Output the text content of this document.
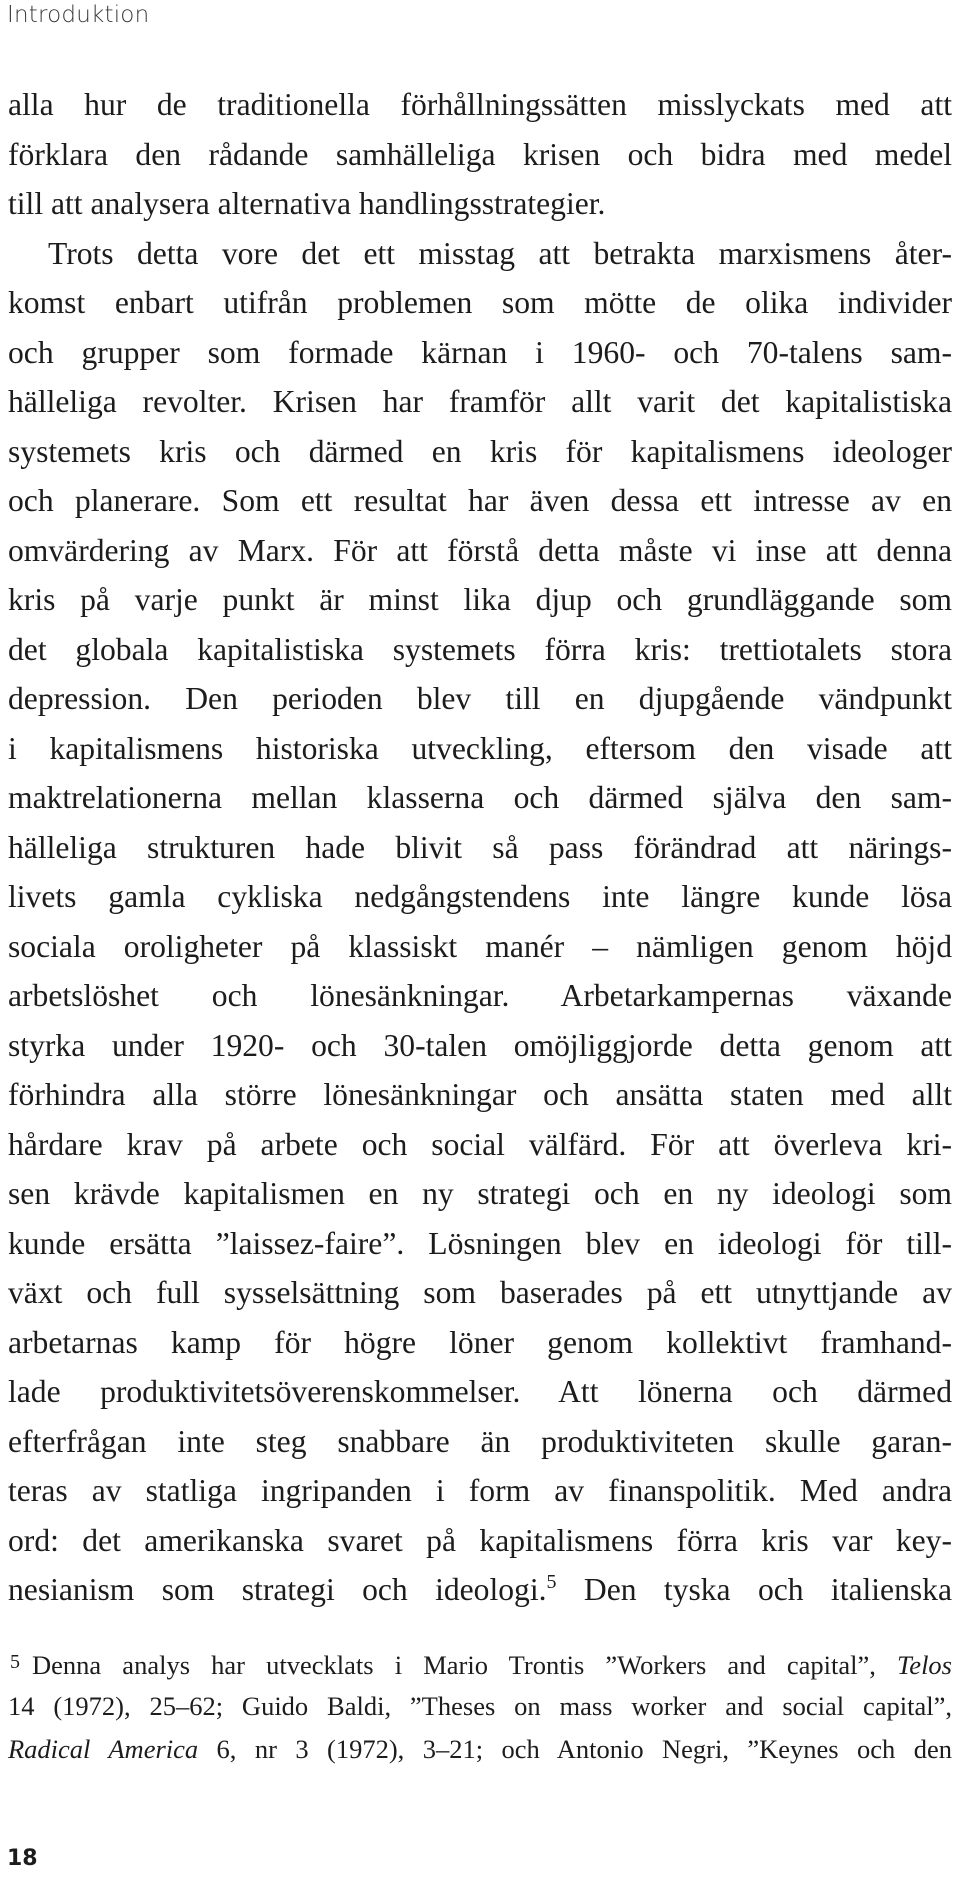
Introduktion
alla hur de traditionella förhållningssätten misslyckats med att
förklara den rådande samhälleliga krisen och bidra med medel
till att analysera alternativa handlingsstrategier.
Trots detta vore det ett misstag att betrakta marxismens åter-
komst enbart utifrån problemen som mötte de olika individer
och grupper som formade kärnan i 1960- och 70-talens sam-
hälleliga revolter. Krisen har framför allt varit det kapitalistiska
systemets kris och därmed en kris för kapitalismens ideologer
och planerare. Som ett resultat har även dessa ett intresse av en
omvärdering av Marx. För att förstå detta måste vi inse att denna
kris på varje punkt är minst lika djup och grundläggande som
det globala kapitalistiska systemets förra kris: trettiotalets stora
depression. Den perioden blev till en djupgående vändpunkt
i kapitalismens historiska utveckling, eftersom den visade att
maktrelationerna mellan klasserna och därmed själva den sam-
hälleliga strukturen hade blivit så pass förändrad att närings-
livets gamla cykliska nedgångstendens inte längre kunde lösa
sociala oroligheter på klassiskt manér – nämligen genom höjd
arbetslöshet och lönesänkningar. Arbetarkampernas växande
styrka under 1920- och 30-talen omöjliggjorde detta genom att
förhindra alla större lönesänkningar och ansätta staten med allt
hårdare krav på arbete och social välfärd. För att överleva kri-
sen krävde kapitalismen en ny strategi och en ny ideologi som
kunde ersätta ”laissez-faire”. Lösningen blev en ideologi för till-
växt och full sysselsättning som baserades på ett utnyttjande av
arbetarnas kamp för högre löner genom kollektivt framhand-
lade produktivitetsöverenskommelser. Att lönerna och därmed
efterfrågan inte steg snabbare än produktiviteten skulle garan-
teras av statliga ingripanden i form av finanspolitik. Med andra
ord: det amerikanska svaret på kapitalismens förra kris var key-
nesianism som strategi och ideologi.$^5$ Den tyska och italienska
$^5$ Denna analys har utvecklats i Mario Trontis ”Workers and capital”, Telos
14 (1972), 25–62; Guido Baldi, ”Theses on mass worker and social capital”,
Radical America 6, nr 3 (1972), 3–21; och Antonio Negri, ”Keynes och den
18
